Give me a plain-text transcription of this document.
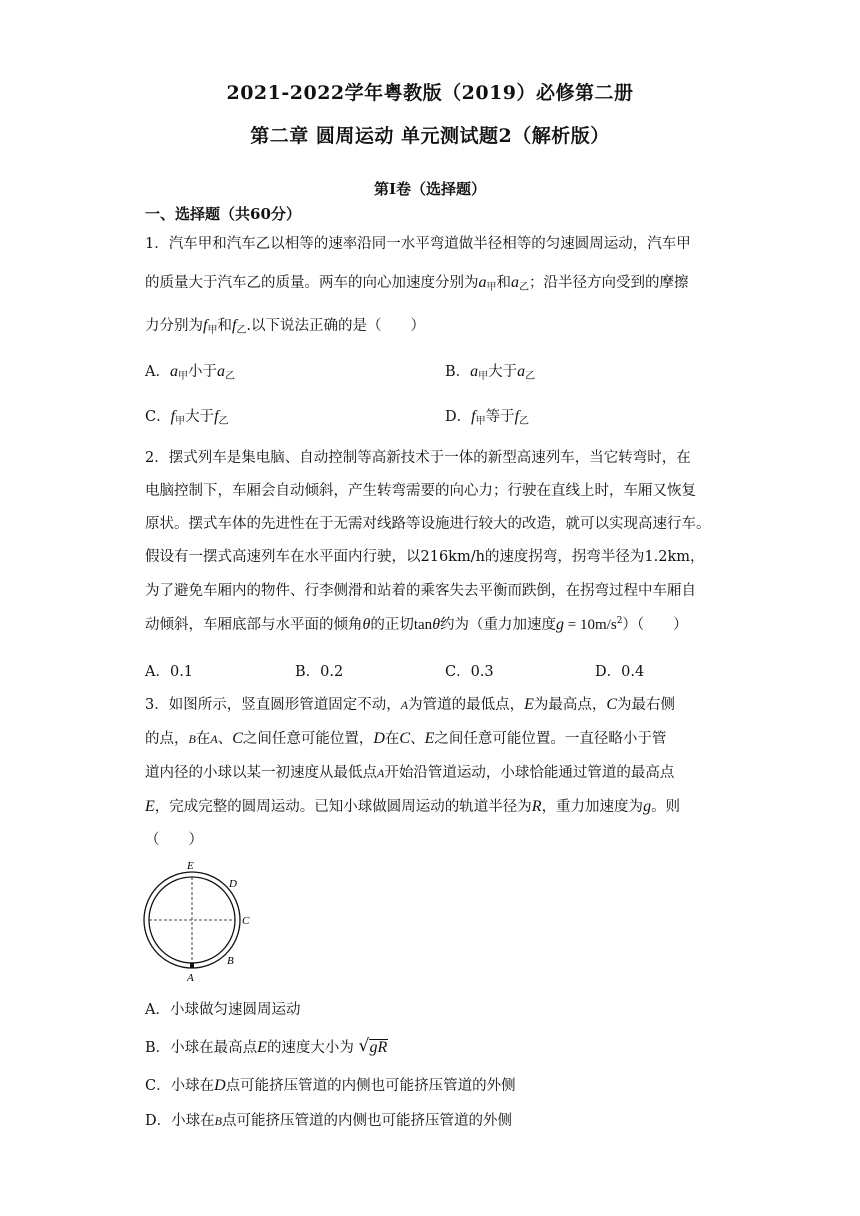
2021-2022学年粤教版（2019）必修第二册
第二章 圆周运动 单元测试题2（解析版）
第Ⅰ卷（选择题）
一、选择题（共60分）
1．汽车甲和汽车乙以相等的速率沿同一水平弯道做半径相等的匀速圆周运动，汽车甲
的质量大于汽车乙的质量。两车的向心加速度分别为$a_甲$和$a_乙$；沿半径方向受到的摩擦
力分别为$f_甲$和$f_乙$.以下说法正确的是（　　）
A．$a_甲$小于$a_乙$	B．$a_甲$大于$a_乙$
C．$f_甲$大于$f_乙$	D．$f_甲$等于$f_乙$
2．摆式列车是集电脑、自动控制等高新技术于一体的新型高速列车，当它转弯时，在
电脑控制下，车厢会自动倾斜，产生转弯需要的向心力；行驶在直线上时，车厢又恢复
原状。摆式车体的先进性在于无需对线路等设施进行较大的改造，就可以实现高速行车。
假设有一摆式高速列车在水平面内行驶，以216km/h的速度拐弯，拐弯半径为1.2km，
为了避免车厢内的物件、行李侧滑和站着的乘客失去平衡而跌倒，在拐弯过程中车厢自
动倾斜，车厢底部与水平面的倾角θ的正切tanθ约为（重力加速度$g = 10m/s^2$）（　　）
A．0.1	B．0.2	C．0.3	D．0.4
3．如图所示，竖直圆形管道固定不动，A为管道的最低点，E为最高点，C为最右侧
的点，B在A、C之间任意可能位置，D在C、E之间任意可能位置。一直径略小于管
道内径的小球以某一初速度从最低点A开始沿管道运动，小球恰能通过管道的最高点
E，完成完整的圆周运动。已知小球做圆周运动的轨道半径为R，重力加速度为g。则
（　　）
E
D
C
B
A
A．小球做匀速圆周运动
B．小球在最高点E的速度大小为 √ gR
C．小球在D点可能挤压管道的内侧也可能挤压管道的外侧
D．小球在B点可能挤压管道的内侧也可能挤压管道的外侧
